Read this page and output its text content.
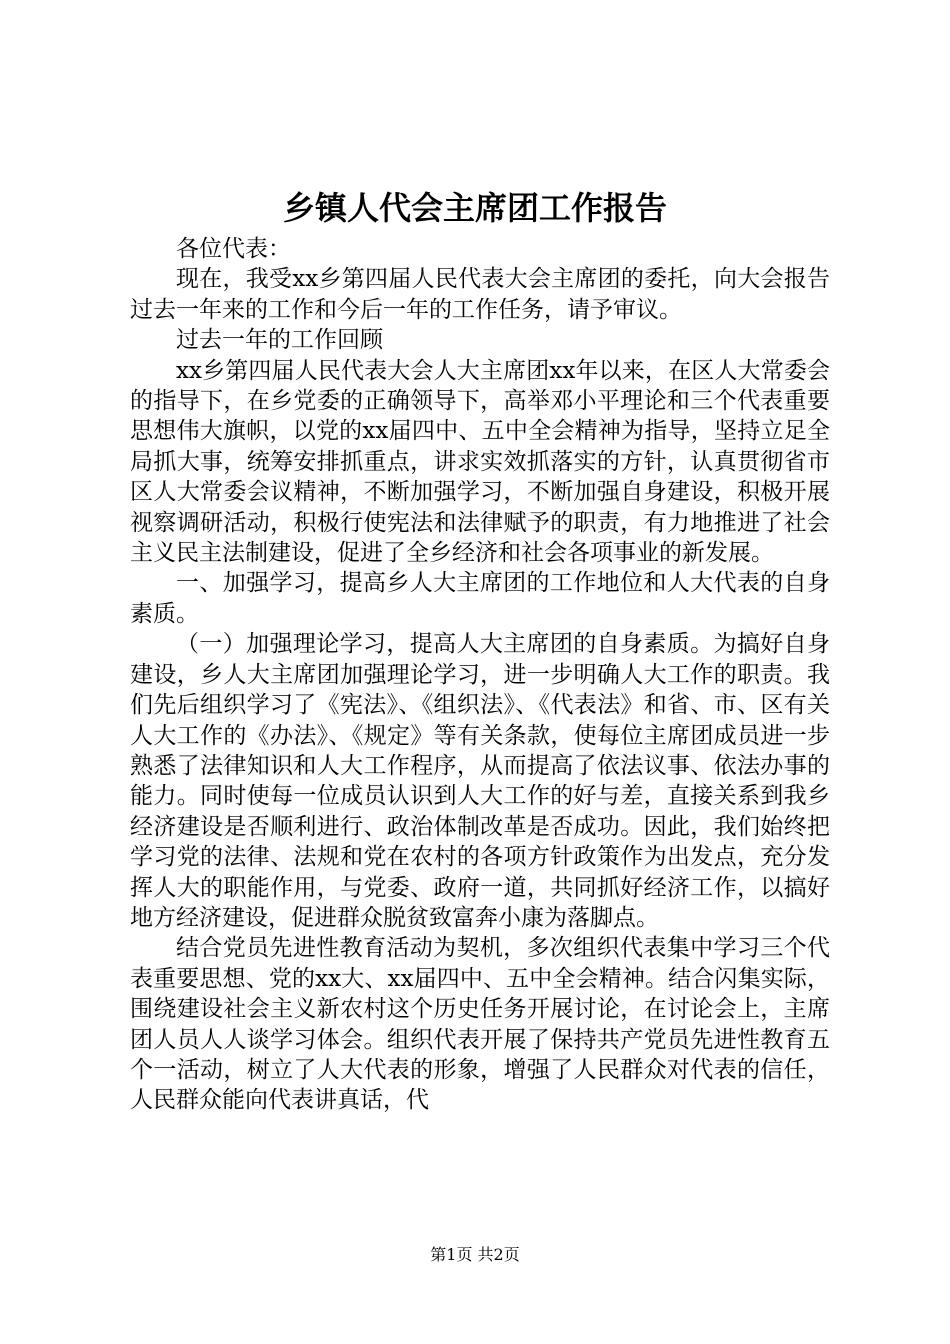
乡镇人代会主席团工作报告

各位代表：

现在，我受xx乡第四届人民代表大会主席团的委托，向大会报告过去一年来的工作和今后一年的工作任务，请予审议。

过去一年的工作回顾

xx乡第四届人民代表大会人大主席团xx年以来，在区人大常委会的指导下，在乡党委的正确领导下，高举邓小平理论和三个代表重要思想伟大旗帜，以党的xx届四中、五中全会精神为指导，坚持立足全局抓大事，统筹安排抓重点，讲求实效抓落实的方针，认真贯彻省市区人大常委会议精神，不断加强学习，不断加强自身建设，积极开展视察调研活动，积极行使宪法和法律赋予的职责，有力地推进了社会主义民主法制建设，促进了全乡经济和社会各项事业的新发展。

一、加强学习，提高乡人大主席团的工作地位和人大代表的自身素质。

（一）加强理论学习，提高人大主席团的自身素质。为搞好自身建设，乡人大主席团加强理论学习，进一步明确人大工作的职责。我们先后组织学习了《宪法》、《组织法》、《代表法》和省、市、区有关人大工作的《办法》、《规定》等有关条款，使每位主席团成员进一步熟悉了法律知识和人大工作程序，从而提高了依法议事、依法办事的能力。同时使每一位成员认识到人大工作的好与差，直接关系到我乡经济建设是否顺利进行、政治体制改革是否成功。因此，我们始终把学习党的法律、法规和党在农村的各项方针政策作为出发点，充分发挥人大的职能作用，与党委、政府一道，共同抓好经济工作，以搞好地方经济建设，促进群众脱贫致富奔小康为落脚点。

结合党员先进性教育活动为契机，多次组织代表集中学习三个代表重要思想、党的xx大、xx届四中、五中全会精神。结合闪集实际，围绕建设社会主义新农村这个历史任务开展讨论，在讨论会上，主席团人员人人谈学习体会。组织代表开展了保持共产党员先进性教育五个一活动，树立了人大代表的形象，增强了人民群众对代表的信任，人民群众能向代表讲真话，代

第1页 共2页
